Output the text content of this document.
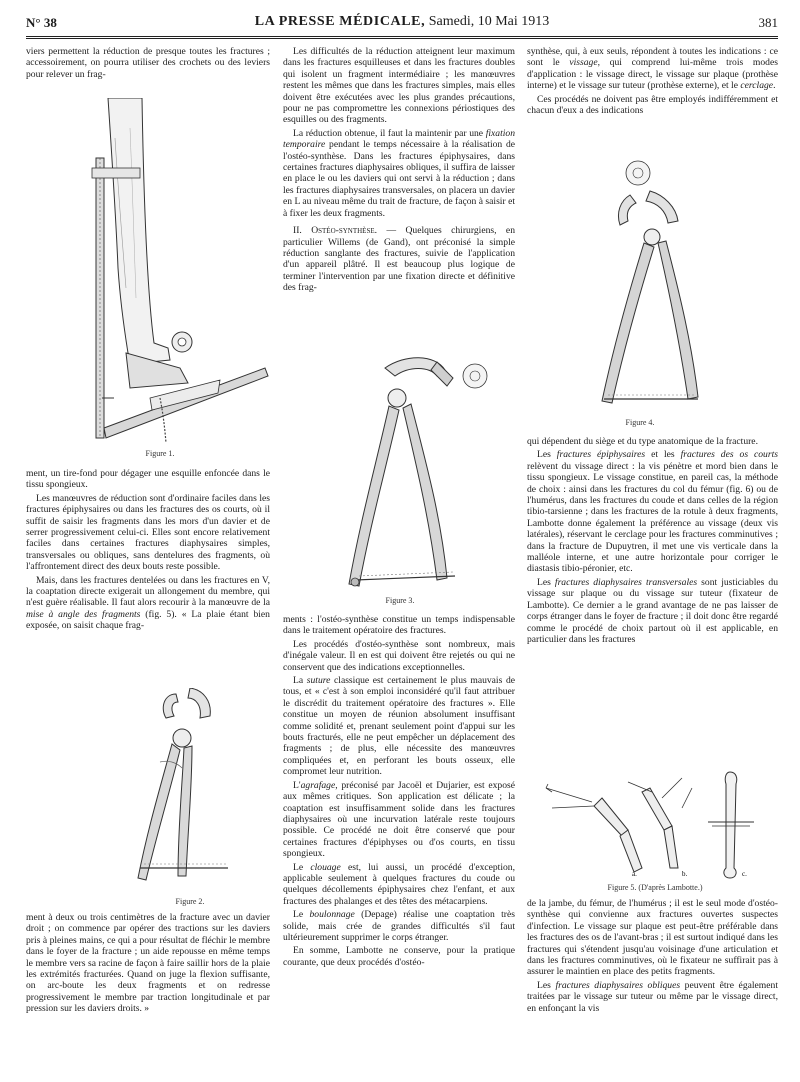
N° 38	LA PRESSE MÉDICALE, Samedi, 10 Mai 1913	381

viers permettent la réduction de presque toutes les fractures ; accessoirement, on pourra utiliser des crochets ou des leviers pour relever un frag-

Figure 1.

ment, un tire-fond pour dégager une esquille enfoncée dans le tissu spongieux.

Les manœuvres de réduction sont d'ordinaire faciles dans les fractures épiphysaires ou dans les fractures des os courts, où il suffit de saisir les fragments dans les mors d'un davier et de serrer progressivement celui-ci. Elles sont encore relativement faciles dans certaines fractures diaphysaires simples, transversales ou obliques, sans dentelures des fragments, où l'affrontement direct des deux bouts reste possible.

Mais, dans les fractures dentelées ou dans les fractures en V, la coaptation directe exigerait un allongement du membre, qui n'est guère réalisable. Il faut alors recourir à la manœuvre de la mise à angle des fragments (fig. 5). « La plaie étant bien exposée, on saisit chaque frag-

Figure 2.

ment à deux ou trois centimètres de la fracture avec un davier droit ; on commence par opérer des tractions sur les daviers pris à pleines mains, ce qui a pour résultat de fléchir le membre dans le foyer de la fracture ; un aide repousse en même temps le membre vers sa racine de façon à faire saillir hors de la plaie les extrémités fracturées. Quand on juge la flexion suffisante, on arc-boute les deux fragments et on redresse progressivement le membre par traction longitudinale et par pression sur les daviers droits. »

Les difficultés de la réduction atteignent leur maximum dans les fractures esquilleuses et dans les fractures doubles qui isolent un fragment intermédiaire ; les manœuvres restent les mêmes que dans les fractures simples, mais elles doivent être exécutées avec les plus grandes précautions, pour ne pas compromettre les connexions périostiques des esquilles ou des fragments.

La réduction obtenue, il faut la maintenir par une fixation temporaire pendant le temps nécessaire à la réalisation de l'ostéo-synthèse. Dans les fractures épiphysaires, dans certaines fractures diaphysaires obliques, il suffira de laisser en place le ou les daviers qui ont servi à la réduction ; dans les fractures diaphysaires transversales, on placera un davier en L au niveau même du trait de fracture, de façon à saisir et à fixer les deux fragments.

II. Ostéo-synthèse. — Quelques chirurgiens, en particulier Willems (de Gand), ont préconisé la simple réduction sanglante des fractures, suivie de l'application d'un appareil plâtré. Il est beaucoup plus logique de terminer l'intervention par une fixation directe et définitive des frag-

Figure 3.

ments : l'ostéo-synthèse constitue un temps indispensable dans le traitement opératoire des fractures.

Les procédés d'ostéo-synthèse sont nombreux, mais d'inégale valeur. Il en est qui doivent être rejetés ou qui ne conservent que des indications exceptionnelles.

La suture classique est certainement le plus mauvais de tous, et « c'est à son emploi inconsidéré qu'il faut attribuer le discrédit du traitement opératoire des fractures ». Elle constitue un moyen de réunion absolument insuffisant comme solidité et, prenant seulement point d'appui sur les bouts fracturés, elle ne peut empêcher un déplacement des fragments ; de plus, elle nécessite des manœuvres compliquées et, en perforant les bouts osseux, elle compromet leur nutrition.

L'agrafage, préconisé par Jacoël et Dujarier, est exposé aux mêmes critiques. Son application est délicate ; la coaptation est insuffisamment solide dans les fractures diaphysaires où une incurvation latérale reste toujours possible. Ce procédé ne doit être conservé que pour certaines fractures d'épiphyses ou d'os courts, en tissu spongieux.

Le clouage est, lui aussi, un procédé d'exception, applicable seulement à quelques fractures du coude ou quelques décollements épiphysaires chez l'enfant, et aux fractures des phalanges et des têtes des métacarpiens.

Le boulonnage (Depage) réalise une coaptation très solide, mais crée de grandes difficultés s'il faut ultérieurement supprimer le corps étranger.

En somme, Lambotte ne conserve, pour la pratique courante, que deux procédés d'ostéo-

synthèse, qui, à eux seuls, répondent à toutes les indications : ce sont le vissage, qui comprend lui-même trois modes d'application : le vissage direct, le vissage sur plaque (prothèse interne) et le vissage sur tuteur (prothèse externe), et le cerclage.

Ces procédés ne doivent pas être employés indifféremment et chacun d'eux a des indications

Figure 4.

qui dépendent du siège et du type anatomique de la fracture.

Les fractures épiphysaires et les fractures des os courts relèvent du vissage direct : la vis pénètre et mord bien dans le tissu spongieux. Le vissage constitue, en pareil cas, la méthode de choix : ainsi dans les fractures du col du fémur (fig. 6) ou de l'humérus, dans les fractures du coude et dans celles de la région tibio-tarsienne ; dans les fractures de la rotule à deux fragments, Lambotte donne également la préférence au vissage (deux vis latérales), réservant le cerclage pour les fractures comminutives ; dans la fracture de Dupuytren, il met une vis verticale dans la malléole interne, et une autre horizontale pour corriger le diastasis tibio-péronier, etc.

Les fractures diaphysaires transversales sont justiciables du vissage sur plaque ou du vissage sur tuteur (fixateur de Lambotte). Ce dernier a le grand avantage de ne pas laisser de corps étranger dans le foyer de fracture ; il doit donc être regardé comme le procédé de choix partout où il est applicable, en particulier dans les fractures

a.	b.	c.
Figure 5. (D'après Lambotte.)

de la jambe, du fémur, de l'humérus ; il est le seul mode d'ostéo-synthèse qui convienne aux fractures ouvertes suspectes d'infection. Le vissage sur plaque est peut-être préférable dans les fractures des os de l'avant-bras ; il est surtout indiqué dans les fractures qui s'étendent jusqu'au voisinage d'une articulation et dans les fractures comminutives, où le fixateur ne suffirait pas à assurer le maintien en place des petits fragments.

Les fractures diaphysaires obliques peuvent être également traitées par le vissage sur tuteur ou même par le vissage direct, en enfonçant la vis
